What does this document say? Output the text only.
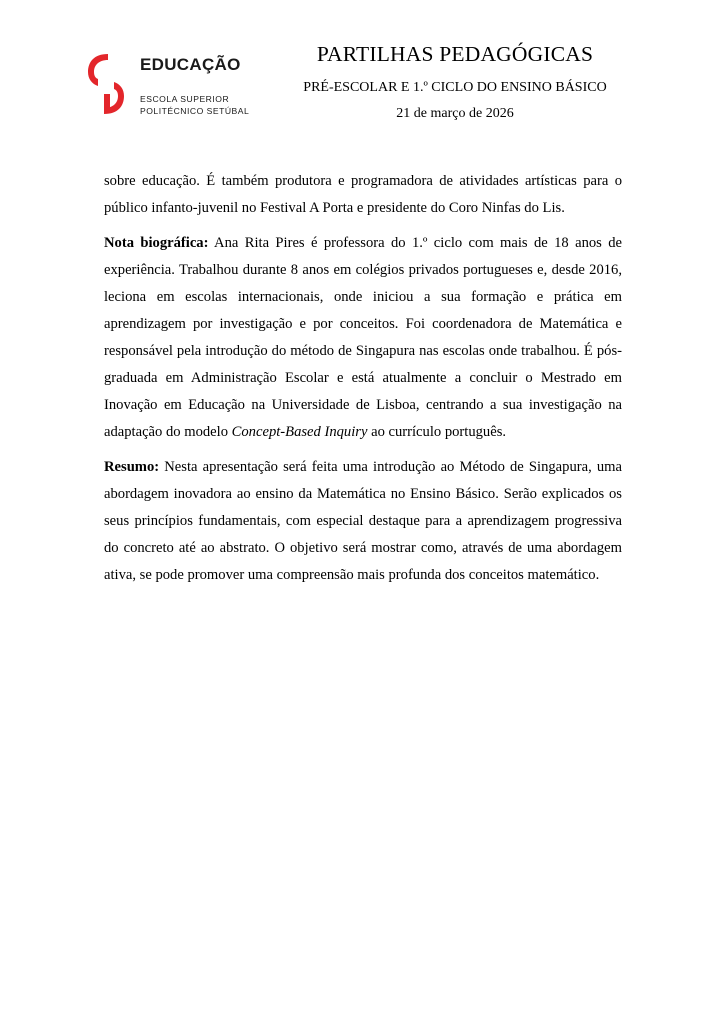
EDUCAÇÃO
ESCOLA SUPERIOR
POLITÉCNICO SETÚBAL
PARTILHAS PEDAGÓGICAS
PRÉ-ESCOLAR E 1.º CICLO DO ENSINO BÁSICO
21 de março de 2026

sobre educação. É também produtora e programadora de atividades artísticas para o público infanto-juvenil no Festival A Porta e presidente do Coro Ninfas do Lis.

Nota biográfica: Ana Rita Pires é professora do 1.º ciclo com mais de 18 anos de experiência. Trabalhou durante 8 anos em colégios privados portugueses e, desde 2016, leciona em escolas internacionais, onde iniciou a sua formação e prática em aprendizagem por investigação e por conceitos. Foi coordenadora de Matemática e responsável pela introdução do método de Singapura nas escolas onde trabalhou. É pós-graduada em Administração Escolar e está atualmente a concluir o Mestrado em Inovação em Educação na Universidade de Lisboa, centrando a sua investigação na adaptação do modelo Concept-Based Inquiry ao currículo português.

Resumo: Nesta apresentação será feita uma introdução ao Método de Singapura, uma abordagem inovadora ao ensino da Matemática no Ensino Básico. Serão explicados os seus princípios fundamentais, com especial destaque para a aprendizagem progressiva do concreto até ao abstrato. O objetivo será mostrar como, através de uma abordagem ativa, se pode promover uma compreensão mais profunda dos conceitos matemático.
